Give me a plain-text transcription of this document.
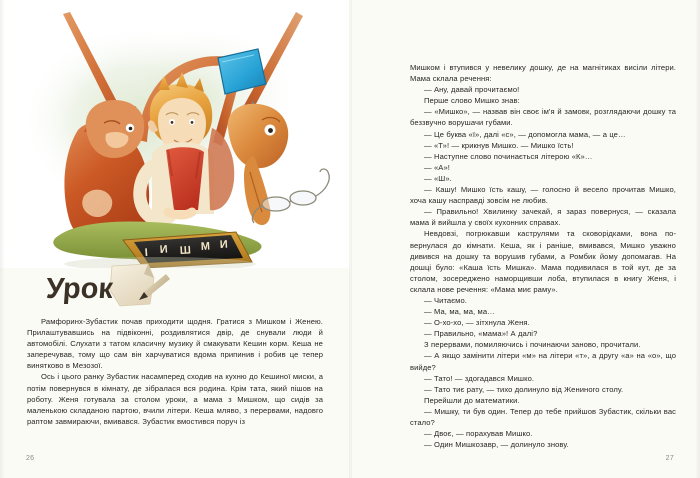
І И Ш М И
Урок

Рамфоринх-Зубастик почав приходити щодня. Гратися з Мишком і Женею. Прилаштувавшись на підвіконні, роздивлятися двір, де снували люди й автомобілі. Слухати з татом класичну музику й смакувати Кешин корм. Кеша не заперечував, тому що сам він харчуватися вдома припинив і робив це тепер винятково в Мезозої.

Ось і цього ранку Зубастик насамперед сходив на кухню до Кешиної миски, а потім повернувся в кімнату, де зібралася вся родина. Крім тата, який пішов на роботу. Женя готувала за столом уроки, а мама з Мишком, що сидів за маленькою складаною партою, вчили літери. Кеша мляво, з перервами, надовго раптом завмираючи, вмивався. Зубастик вмостився поруч із

26

Мишком і втупився у невелику дошку, де на магнітиках висіли літери. Мама склала речення:

— Ану, давай прочитаємо!

Перше слово Мишко знав:

— «Мишко», — назвав він своє ім'я й замовк, розглядаючи дошку та беззвучно ворушачи губами.

— Це буква «ї», далі «с», — допомогла мама, — а це…

— «Т»! — крикнув Мишко. — Мишко їсть!

— Наступне слово починається літерою «К»…

— «А»!

— «Ш».

— Кашу! Мишко їсть кашу, — голосно й весело прочитав Мишко, хоча кашу насправді зовсім не любив.

— Правильно! Хвилинку зачекай, я зараз повернуся, — сказала мама й вийшла у своїх кухонних справах.

Невдовзі, погрюкавши каструлями та сковорідками, вона повернулася до кімнати. Кеша, як і раніше, вмивався, Мишко уважно дивився на дошку та ворушив губами, а Ромбик йому допомагав. На дошці було: «Каша їсть Мишка». Мама подивилася в той кут, де за столом, зосереджено наморщивши лоба, втупилася в книгу Женя, і склала нове речення: «Мама миє раму».

— Читаємо.

— Ма, ма, ма, ма…

— О-хо-хо, — зітхнула Женя.

— Правильно, «мама»! А далі?

З перервами, помиляючись і починаючи заново, прочитали.

— А якщо замінити літери «м» на літери «т», а другу «а» на «о», що вийде?

— Тато! — здогадався Мишко.

— Тато тиє рату, — тихо долинуло від Жениного столу.

Перейшли до математики.

— Мишку, ти був один. Тепер до тебе прийшов Зубастик, скільки вас стало?

— Двоє, — порахував Мишко.

— Один Мишкозавр, — долинуло знову.

27
